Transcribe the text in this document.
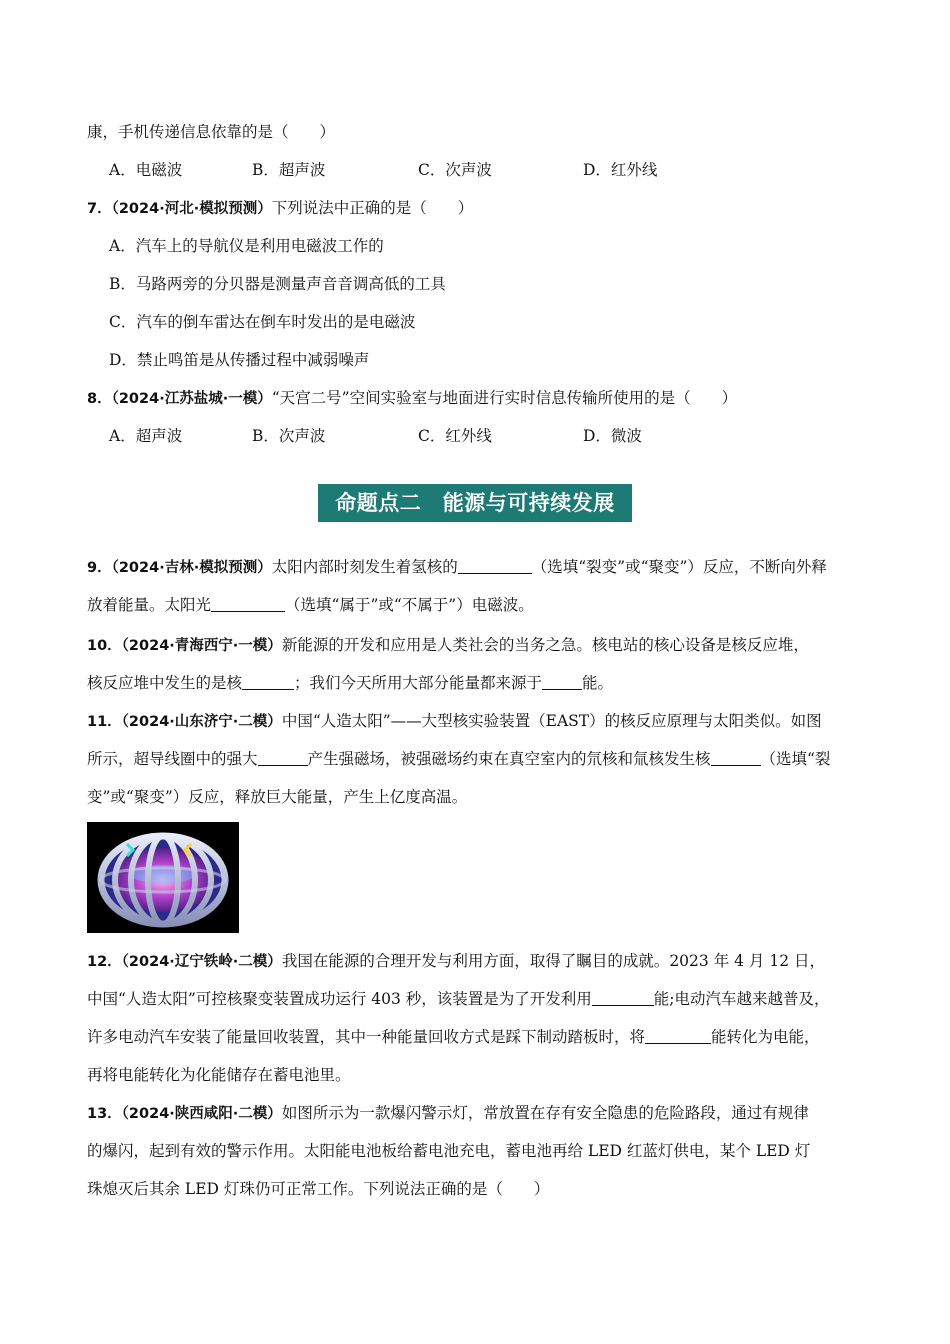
康，手机传递信息依靠的是（　　）
A．电磁波	B．超声波	C．次声波	D．红外线
7．（2024·河北·模拟预测）下列说法中正确的是（　　）
A．汽车上的导航仪是利用电磁波工作的
B．马路两旁的分贝器是测量声音音调高低的工具
C．汽车的倒车雷达在倒车时发出的是电磁波
D．禁止鸣笛是从传播过程中减弱噪声
8．（2024·江苏盐城·一模）“天宫二号”空间实验室与地面进行实时信息传输所使用的是（　　）
A．超声波	B．次声波	C．红外线	D．微波
命题点二　能源与可持续发展
9．（2024·吉林·模拟预测）太阳内部时刻发生着氢核的	（选填“裂变”或“聚变”）反应，不断向外释
放着能量。太阳光	（选填“属于”或“不属于”）电磁波。
10．（2024·青海西宁·一模）新能源的开发和应用是人类社会的当务之急。核电站的核心设备是核反应堆，
核反应堆中发生的是核	；我们今天所用大部分能量都来源于	能。
11．（2024·山东济宁·二模）中国“人造太阳”——大型核实验装置（EAST）的核反应原理与太阳类似。如图
所示，超导线圈中的强大	产生强磁场，被强磁场约束在真空室内的氘核和氚核发生核	（选填“裂
变”或“聚变”）反应，释放巨大能量，产生上亿度高温。
12．（2024·辽宁铁岭·二模）我国在能源的合理开发与利用方面，取得了瞩目的成就。2023 年 4 月 12 日，
中国“人造太阳”可控核聚变装置成功运行 403 秒，该装置是为了开发利用	能;电动汽车越来越普及，
许多电动汽车安装了能量回收装置，其中一种能量回收方式是踩下制动踏板时，将	能转化为电能，
再将电能转化为化能储存在蓄电池里。
13．（2024·陕西咸阳·二模）如图所示为一款爆闪警示灯，常放置在存有安全隐患的危险路段，通过有规律
的爆闪，起到有效的警示作用。太阳能电池板给蓄电池充电，蓄电池再给 LED 红蓝灯供电，某个 LED 灯
珠熄灭后其余 LED 灯珠仍可正常工作。下列说法正确的是（　　）
